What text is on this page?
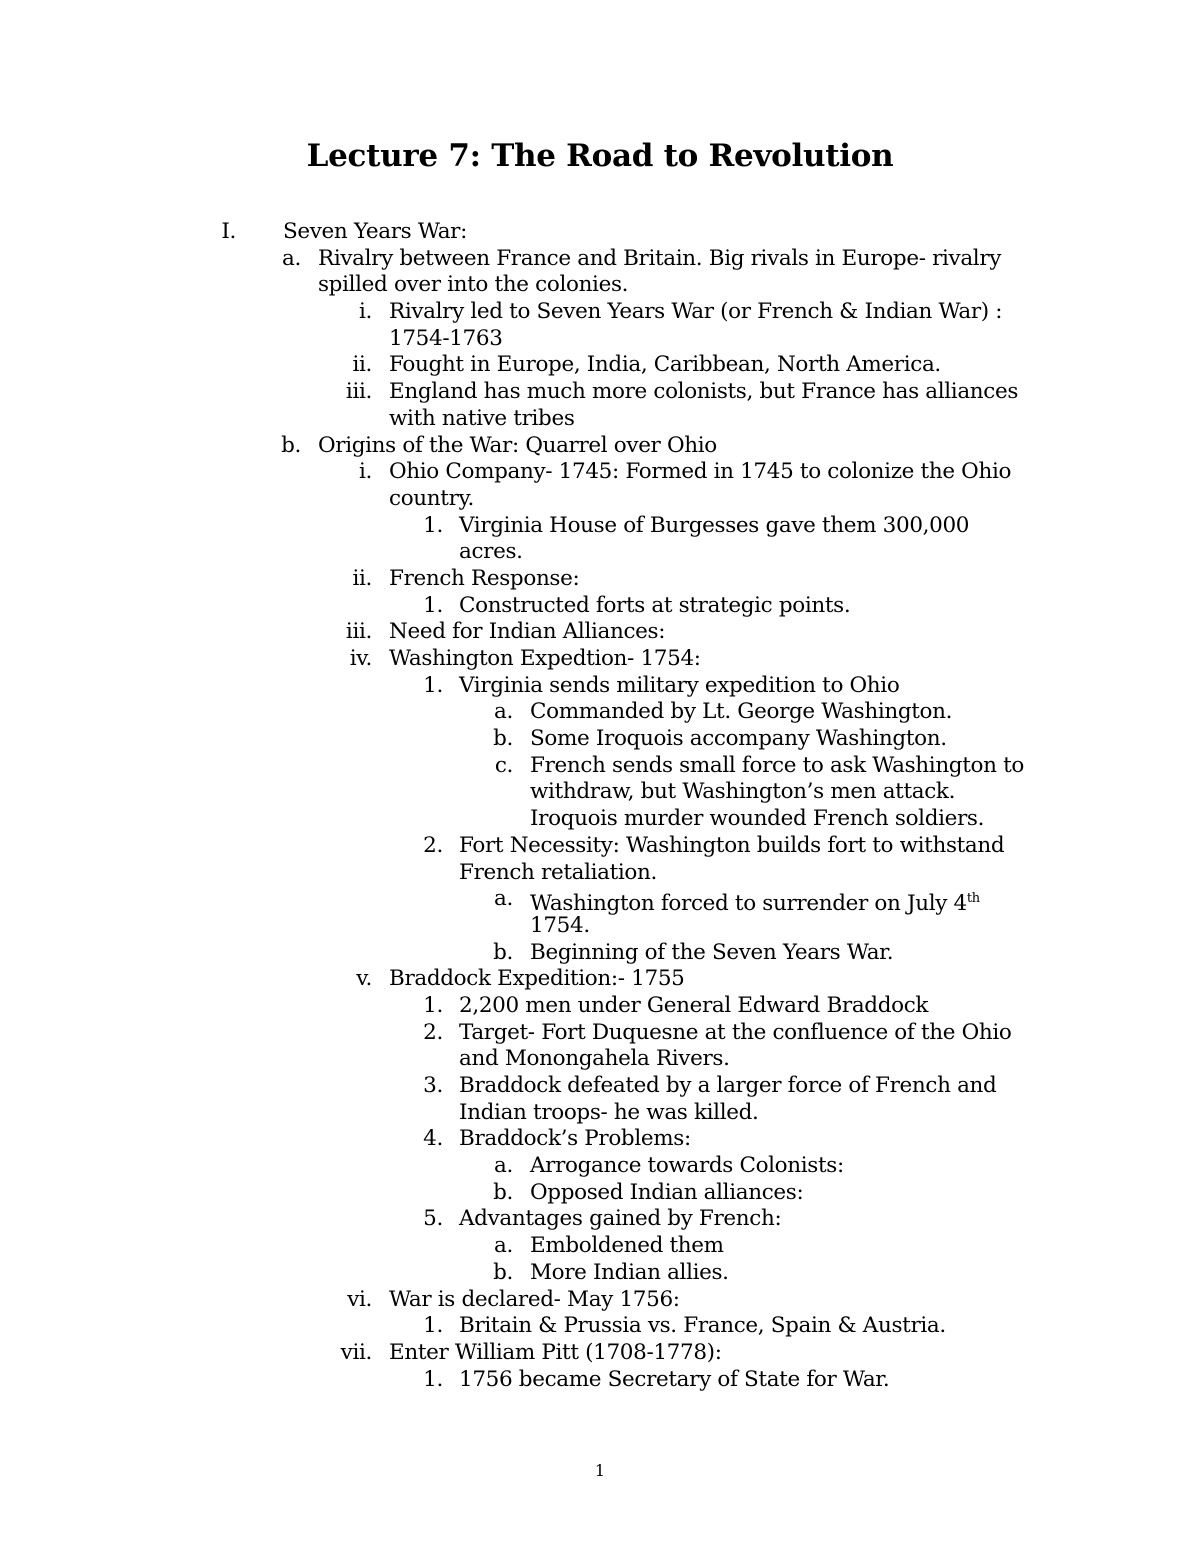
Lecture 7: The Road to Revolution
I. Seven Years War:
a. Rivalry between France and Britain. Big rivals in Europe- rivalry
spilled over into the colonies.
i. Rivalry led to Seven Years War (or French & Indian War) :
1754-1763
ii. Fought in Europe, India, Caribbean, North America.
iii. England has much more colonists, but France has alliances
with native tribes
b. Origins of the War: Quarrel over Ohio
i. Ohio Company- 1745: Formed in 1745 to colonize the Ohio
country.
1. Virginia House of Burgesses gave them 300,000
acres.
ii. French Response:
1. Constructed forts at strategic points.
iii. Need for Indian Alliances:
iv. Washington Expedtion- 1754:
1. Virginia sends military expedition to Ohio
a. Commanded by Lt. George Washington.
b. Some Iroquois accompany Washington.
c. French sends small force to ask Washington to
withdraw, but Washington’s men attack.
Iroquois murder wounded French soldiers.
2. Fort Necessity: Washington builds fort to withstand
French retaliation.
a. Washington forced to surrender on July 4th
1754.
b. Beginning of the Seven Years War.
v. Braddock Expedition:- 1755
1. 2,200 men under General Edward Braddock
2. Target- Fort Duquesne at the confluence of the Ohio
and Monongahela Rivers.
3. Braddock defeated by a larger force of French and
Indian troops- he was killed.
4. Braddock’s Problems:
a. Arrogance towards Colonists:
b. Opposed Indian alliances:
5. Advantages gained by French:
a. Emboldened them
b. More Indian allies.
vi. War is declared- May 1756:
1. Britain & Prussia vs. France, Spain & Austria.
vii. Enter William Pitt (1708-1778):
1. 1756 became Secretary of State for War.
1
